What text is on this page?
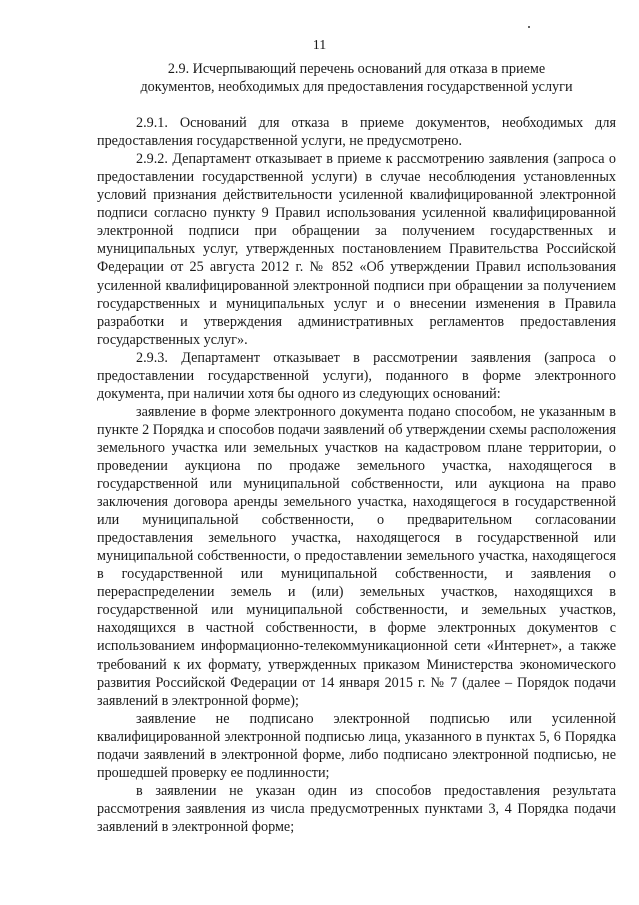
11
2.9. Исчерпывающий перечень оснований для отказа в приеме
документов, необходимых для предоставления государственной услуги

2.9.1. Оснований для отказа в приеме документов, необходимых для предоставления государственной услуги, не предусмотрено.

2.9.2. Департамент отказывает в приеме к рассмотрению заявления (запроса о предоставлении государственной услуги) в случае несоблюдения установленных условий признания действительности усиленной квалифицированной электронной подписи согласно пункту 9 Правил использования усиленной квалифицированной электронной подписи при обращении за получением государственных и муниципальных услуг, утвержденных постановлением Правительства Российской Федерации от 25 августа 2012 г. № 852 «Об утверждении Правил использования усиленной квалифицированной электронной подписи при обращении за получением государственных и муниципальных услуг и о внесении изменения в Правила разработки и утверждения административных регламентов предоставления государственных услуг».

2.9.3. Департамент отказывает в рассмотрении заявления (запроса о предоставлении государственной услуги), поданного в форме электронного документа, при наличии хотя бы одного из следующих оснований:

заявление в форме электронного документа подано способом, не указанным в пункте 2 Порядка и способов подачи заявлений об утверждении схемы расположения земельного участка или земельных участков на кадастровом плане территории, о проведении аукциона по продаже земельного участка, находящегося в государственной или муниципальной собственности, или аукциона на право заключения договора аренды земельного участка, находящегося в государственной или муниципальной собственности, о предварительном согласовании предоставления земельного участка, находящегося в государственной или муниципальной собственности, о предоставлении земельного участка, находящегося в государственной или муниципальной собственности, и заявления о перераспределении земель и (или) земельных участков, находящихся в государственной или муниципальной собственности, и земельных участков, находящихся в частной собственности, в форме электронных документов с использованием информационно-телекоммуникационной сети «Интернет», а также требований к их формату, утвержденных приказом Министерства экономического развития Российской Федерации от 14 января 2015 г. № 7 (далее – Порядок подачи заявлений в электронной форме);

заявление не подписано электронной подписью или усиленной квалифицированной электронной подписью лица, указанного в пунктах 5, 6 Порядка подачи заявлений в электронной форме, либо подписано электронной подписью, не прошедшей проверку ее подлинности;

в заявлении не указан один из способов предоставления результата рассмотрения заявления из числа предусмотренных пунктами 3, 4 Порядка подачи заявлений в электронной форме;
